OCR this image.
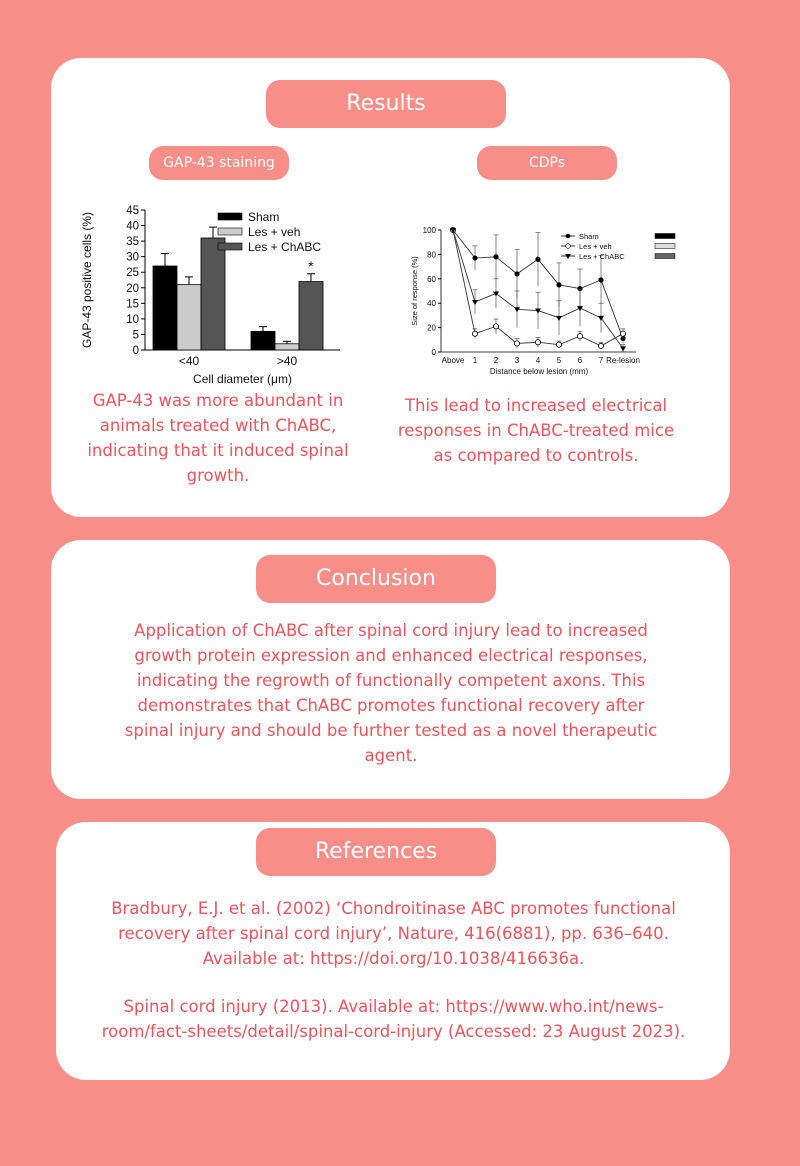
Results
GAP-43 staining	CDPs
0
5
10
15
20
25
30
35
40
45
GAP-43 positive cells (%)
Cell diameter (μm)
<40	>40
*
Sham
Les + veh
Les + ChABC
0
20
40
60
80
100
Above 1 2 3 4 5 6 7 Re-lesion
Size of response (%)
Distance below lesion (mm)
Sham
Les + veh
Les + ChABC
GAP-43 was more abundant in animals treated with ChABC, indicating that it induced spinal growth.
This lead to increased electrical responses in ChABC-treated mice as compared to controls.
Conclusion
Application of ChABC after spinal cord injury lead to increased growth protein expression and enhanced electrical responses, indicating the regrowth of functionally competent axons. This demonstrates that ChABC promotes functional recovery after spinal injury and should be further tested as a novel therapeutic agent.
References
Bradbury, E.J. et al. (2002) ‘Chondroitinase ABC promotes functional recovery after spinal cord injury’, Nature, 416(6881), pp. 636–640. Available at: https://doi.org/10.1038/416636a.
Spinal cord injury (2013). Available at: https://www.who.int/news-room/fact-sheets/detail/spinal-cord-injury (Accessed: 23 August 2023).
